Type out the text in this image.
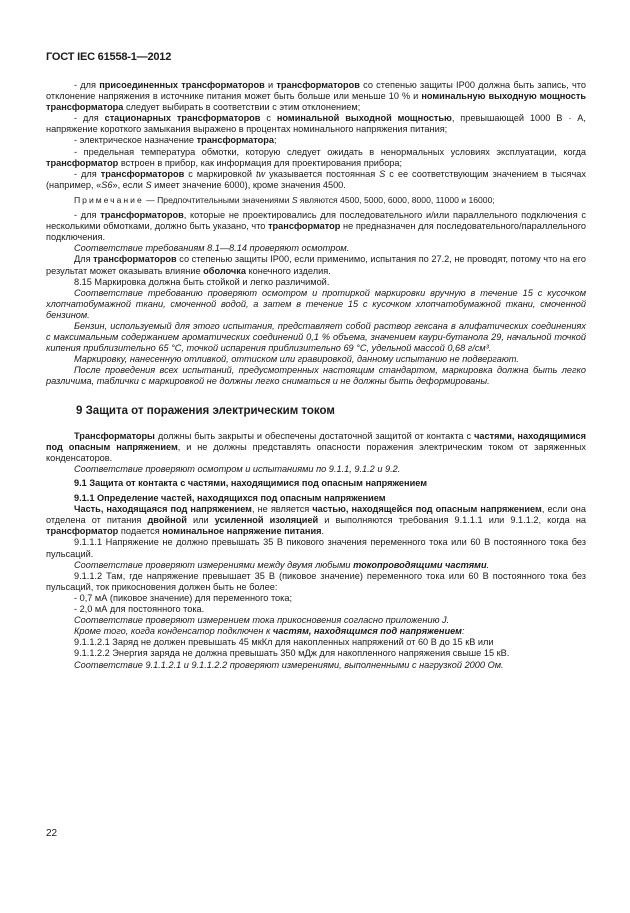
ГОСТ IEC 61558-1—2012

- для присоединенных трансформаторов и трансформаторов со степенью защиты IP00 должна быть запись, что отклонение напряжения в источнике питания может быть больше или меньше 10 % и номинальную выходную мощность трансформатора следует выбирать в соответствии с этим отклонением;

- для стационарных трансформаторов с номинальной выходной мощностью, превышающей 1000 В · А, напряжение короткого замыкания выражено в процентах номинального напряжения питания;

- электрическое назначение трансформатора;

- предельная температура обмотки, которую следует ожидать в ненормальных условиях эксплуатации, когда трансформатор встроен в прибор, как информация для проектирования прибора;

- для трансформаторов с маркировкой tw указывается постоянная S с ее соответствующим значением в тысячах (например, «S6», если S имеет значение 6000), кроме значения 4500.

Примечание — Предпочтительными значениями S являются 4500, 5000, 6000, 8000, 11000 и 16000;

- для трансформаторов, которые не проектировались для последовательного и/или параллельного подключения с несколькими обмотками, должно быть указано, что трансформатор не предназначен для последовательного/параллельного подключения.

Соответствие требованиям 8.1—8.14 проверяют осмотром.

Для трансформаторов со степенью защиты IP00, если применимо, испытания по 27.2, не проводят, потому что на его результат может оказывать влияние оболочка конечного изделия.

8.15 Маркировка должна быть стойкой и легко различимой.

Соответствие требованию проверяют осмотром и протиркой маркировки вручную в течение 15 с кусочком хлопчатобумажной ткани, смоченной водой, а затем в течение 15 с кусочком хлопчатобумажной ткани, смоченной бензином.

Бензин, используемый для этого испытания, представляет собой раствор гексана в алифатических соединениях с максимальным содержанием ароматических соединений 0,1 % объема, значением каури-бутанола 29, начальной точкой кипения приблизительно 65 °С, точкой испарения приблизительно 69 °С, удельной массой 0,68 г/см³.

Маркировку, нанесенную отливкой, оттиском или гравировкой, данному испытанию не подвергают.

После проведения всех испытаний, предусмотренных настоящим стандартом, маркировка должна быть легко различима, таблички с маркировкой не должны легко сниматься и не должны быть деформированы.

9 Защита от поражения электрическим током

Трансформаторы должны быть закрыты и обеспечены достаточной защитой от контакта с частями, находящимися под опасным напряжением, и не должны представлять опасности поражения электрическим током от заряженных конденсаторов.

Соответствие проверяют осмотром и испытаниями по 9.1.1, 9.1.2 и 9.2.

9.1 Защита от контакта с частями, находящимися под опасным напряжением

9.1.1 Определение частей, находящихся под опасным напряжением

Часть, находящаяся под напряжением, не является частью, находящейся под опасным напряжением, если она отделена от питания двойной или усиленной изоляцией и выполняются требования 9.1.1.1 или 9.1.1.2, когда на трансформатор подается номинальное напряжение питания.

9.1.1.1 Напряжение не должно превышать 35 В пикового значения переменного тока или 60 В постоянного тока без пульсаций.

Соответствие проверяют измерениями между двумя любыми токопроводящими частями.

9.1.1.2 Там, где напряжение превышает 35 В (пиковое значение) переменного тока или 60 В постоянного тока без пульсаций, ток прикосновения должен быть не более:

- 0,7 мА (пиковое значение) для переменного тока;

- 2,0 мА для постоянного тока.

Соответствие проверяют измерением тока прикосновения согласно приложению J.

Кроме того, когда конденсатор подключен к частям, находящимся под напряжением:

9.1.1.2.1 Заряд не должен превышать 45 мкКл для накопленных напряжений от 60 В до 15 кВ или

9.1.1.2.2 Энергия заряда не должна превышать 350 мДж для накопленного напряжения свыше 15 кВ.

Соответствие 9.1.1.2.1 и 9.1.1.2.2 проверяют измерениями, выполненными с нагрузкой 2000 Ом.

22
